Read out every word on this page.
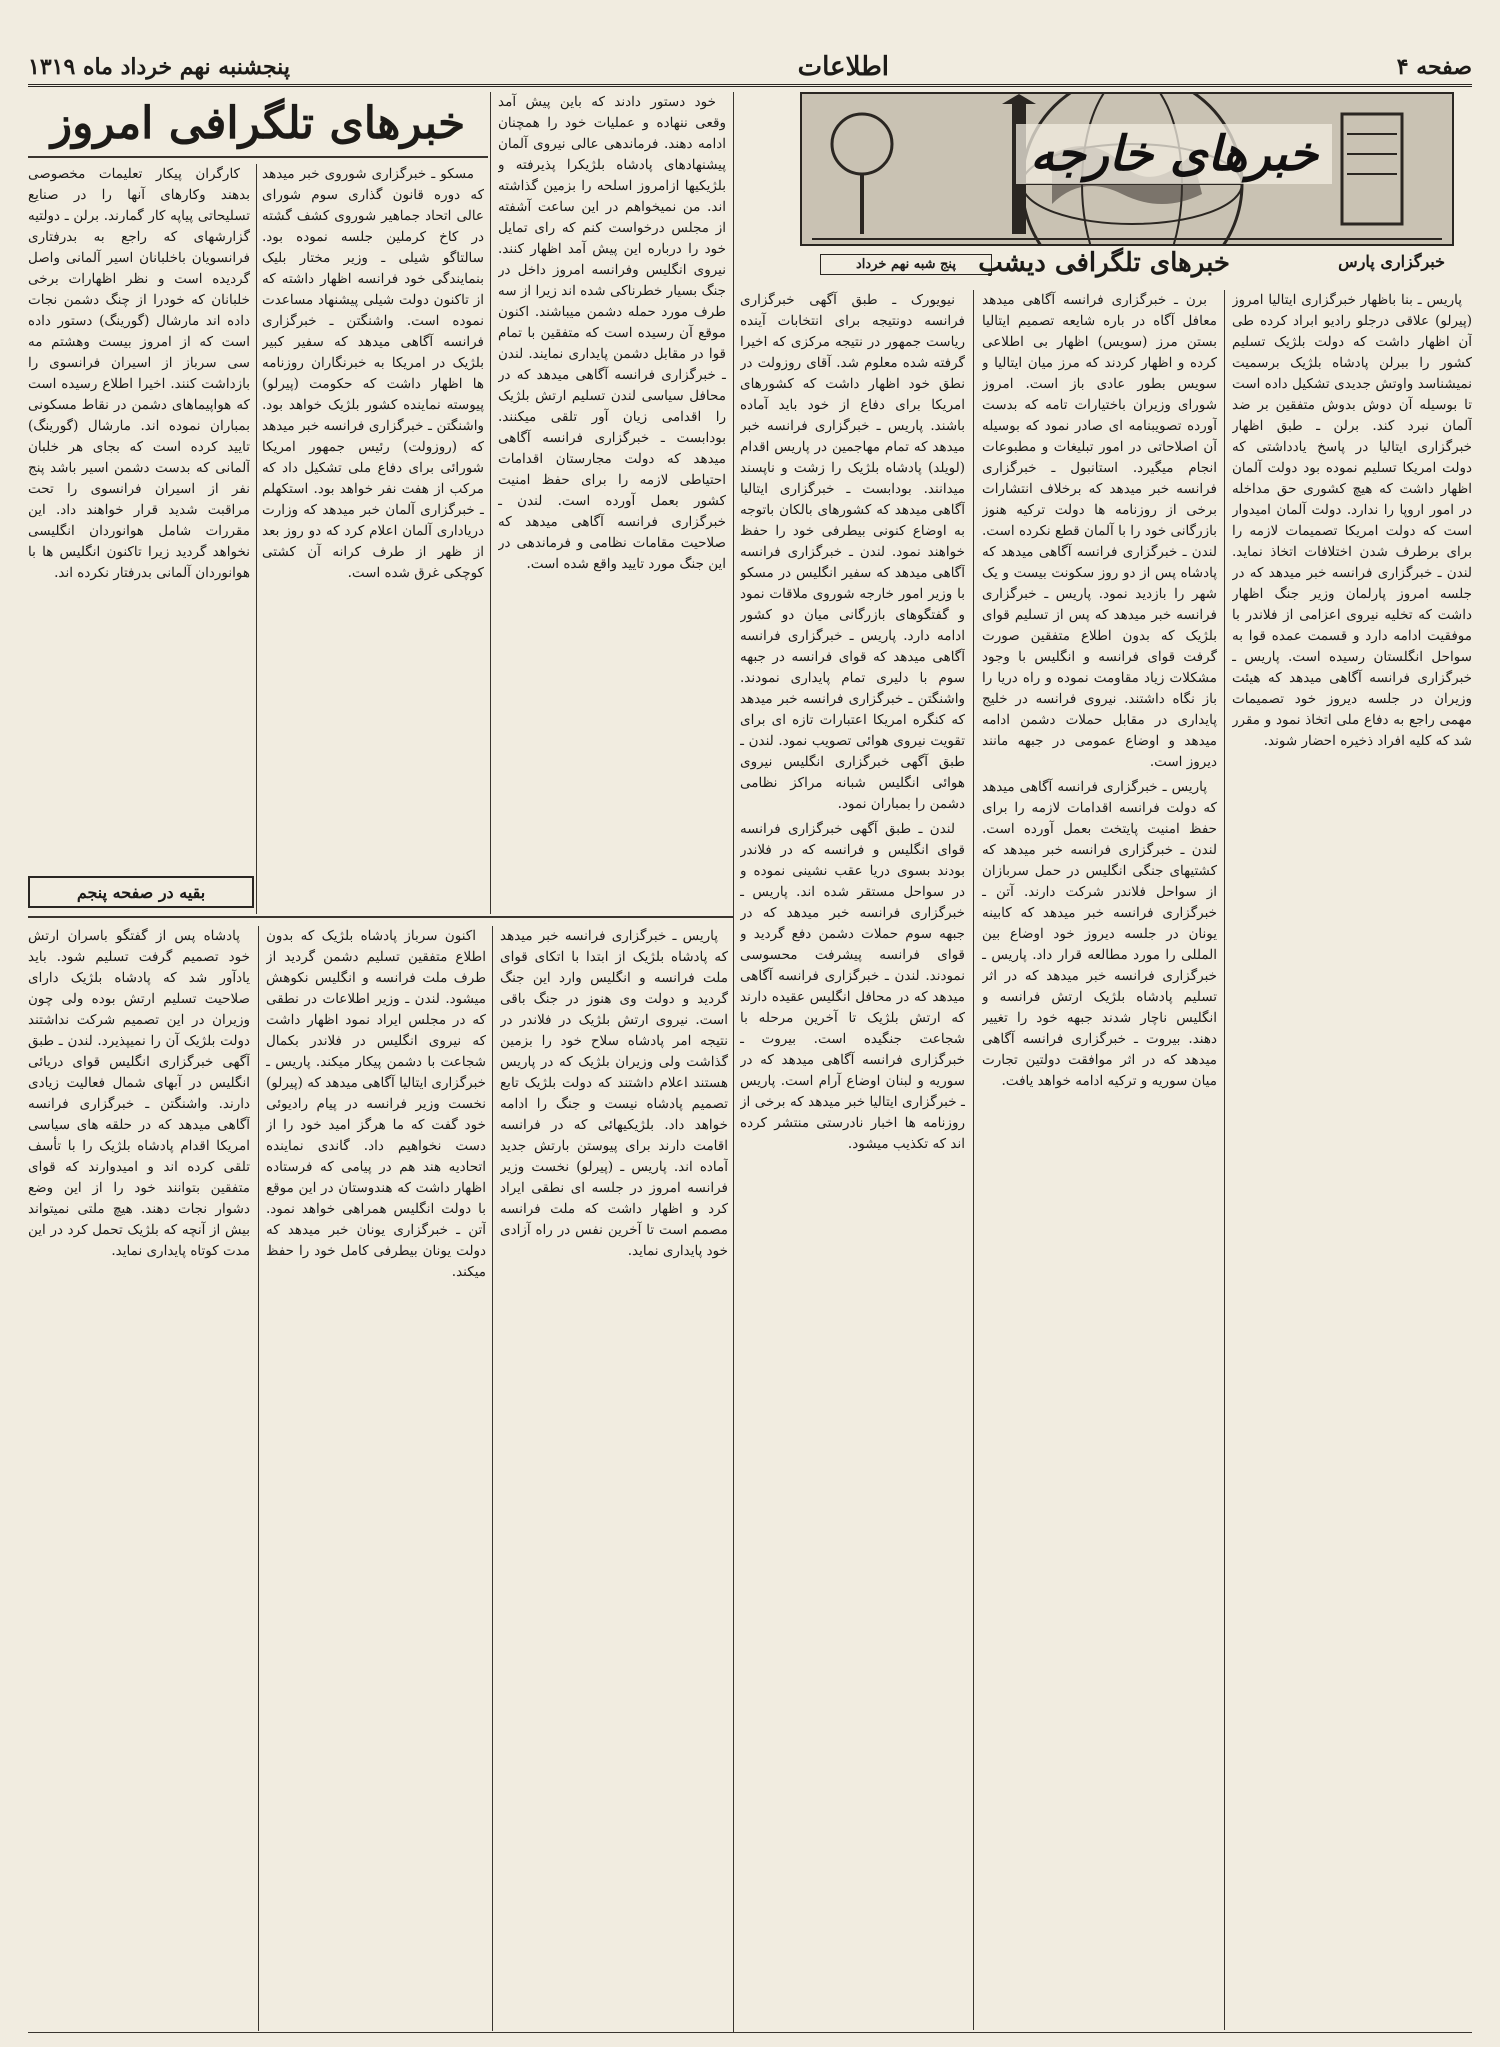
صفحه ۴
اطلاعات
پنجشنبه نهم خرداد ماه ۱۳۱۹
خبرهای خارجه
خبرگزاری پارس
خبرهای تلگرافی دیشب
پنج شبه نهم خرداد

پاریس ـ بنا باظهار خبرگزاری ایتالیا امروز (پیرلو) علاقی درجلو رادیو ابراد کرده طی آن اظهار داشت که دولت بلژیک تسلیم کشور را ببرلن پادشاه بلژیک برسمیت نمیشناسد واوتش جدیدی تشکیل داده است تا بوسیله آن دوش بدوش متفقین بر ضد آلمان نبرد کند. برلن ـ طبق اظهار خبرگزاری ایتالیا در پاسخ یادداشتی که دولت امریکا تسلیم نموده بود دولت آلمان اظهار داشت که هیچ کشوری حق مداخله در امور اروپا را ندارد. دولت آلمان امیدوار است که دولت امریکا تصمیمات لازمه را برای برطرف شدن اختلافات اتخاذ نماید. لندن ـ خبرگزاری فرانسه خبر میدهد که در جلسه امروز پارلمان وزیر جنگ اظهار داشت که تخلیه نیروی اعزامی از فلاندر با موفقیت ادامه دارد و قسمت عمده قوا به سواحل انگلستان رسیده است. پاریس ـ خبرگزاری فرانسه آگاهی میدهد که هیئت وزیران در جلسه دیروز خود تصمیمات مهمی راجع به دفاع ملی اتخاذ نمود و مقرر شد که کلیه افراد ذخیره احضار شوند.

برن ـ خبرگزاری فرانسه آگاهی میدهد معافل آگاه در باره شایعه تصمیم ایتالیا بستن مرز (سویس) اظهار بی اطلاعی کرده و اظهار کردند که مرز میان ایتالیا و سویس بطور عادی باز است. امروز شورای وزیران باختیارات تامه که بدست آورده تصویبنامه ای صادر نمود که بوسیله آن اصلاحاتی در امور تبلیغات و مطبوعات انجام میگیرد. استانبول ـ خبرگزاری فرانسه خبر میدهد که برخلاف انتشارات برخی از روزنامه ها دولت ترکیه هنوز بازرگانی خود را با آلمان قطع نکرده است. لندن ـ خبرگزاری فرانسه آگاهی میدهد که پادشاه پس از دو روز سکونت بیست و یک شهر را بازدید نمود. پاریس ـ خبرگزاری فرانسه خبر میدهد که پس از تسلیم قوای بلژیک که بدون اطلاع متفقین صورت گرفت قوای فرانسه و انگلیس با وجود مشکلات زیاد مقاومت نموده و راه دریا را باز نگاه داشتند. نیروی فرانسه در خلیج پایداری در مقابل حملات دشمن ادامه میدهد و اوضاع عمومی در جبهه مانند دیروز است.

پاریس ـ خبرگزاری فرانسه آگاهی میدهد که دولت فرانسه اقدامات لازمه را برای حفظ امنیت پایتخت بعمل آورده است. لندن ـ خبرگزاری فرانسه خبر میدهد که کشتیهای جنگی انگلیس در حمل سربازان از سواحل فلاندر شرکت دارند. آتن ـ خبرگزاری فرانسه خبر میدهد که کابینه یونان در جلسه دیروز خود اوضاع بین المللی را مورد مطالعه قرار داد. پاریس ـ خبرگزاری فرانسه خبر میدهد که در اثر تسلیم پادشاه بلژیک ارتش فرانسه و انگلیس ناچار شدند جبهه خود را تغییر دهند. بیروت ـ خبرگزاری فرانسه آگاهی میدهد که در اثر موافقت دولتین تجارت میان سوریه و ترکیه ادامه خواهد یافت.

نیویورک ـ طبق آگهی خبرگزاری فرانسه دونتیجه برای انتخابات آینده ریاست جمهور در نتیجه مرکزی که اخیرا گرفته شده معلوم شد. آقای روزولت در نطق خود اظهار داشت که کشورهای امریکا برای دفاع از خود باید آماده باشند. پاریس ـ خبرگزاری فرانسه خبر میدهد که تمام مهاجمین در پاریس اقدام (لویلد) پادشاه بلژیک را زشت و ناپسند میدانند. بودابست ـ خبرگزاری ایتالیا آگاهی میدهد که کشورهای بالکان باتوجه به اوضاع کنونی بیطرفی خود را حفظ خواهند نمود. لندن ـ خبرگزاری فرانسه آگاهی میدهد که سفیر انگلیس در مسکو با وزیر امور خارجه شوروی ملاقات نمود و گفتگوهای بازرگانی میان دو کشور ادامه دارد. پاریس ـ خبرگزاری فرانسه آگاهی میدهد که قوای فرانسه در جبهه سوم با دلیری تمام پایداری نمودند. واشنگتن ـ خبرگزاری فرانسه خبر میدهد که کنگره امریکا اعتبارات تازه ای برای تقویت نیروی هوائی تصویب نمود. لندن ـ طبق آگهی خبرگزاری انگلیس نیروی هوائی انگلیس شبانه مراکز نظامی دشمن را بمباران نمود.

لندن ـ طبق آگهی خبرگزاری فرانسه قوای انگلیس و فرانسه که در فلاندر بودند بسوی دریا عقب نشینی نموده و در سواحل مستقر شده اند. پاریس ـ خبرگزاری فرانسه خبر میدهد که در جبهه سوم حملات دشمن دفع گردید و قوای فرانسه پیشرفت محسوسی نمودند. لندن ـ خبرگزاری فرانسه آگاهی میدهد که در محافل انگلیس عقیده دارند که ارتش بلژیک تا آخرین مرحله با شجاعت جنگیده است. بیروت ـ خبرگزاری فرانسه آگاهی میدهد که در سوریه و لبنان اوضاع آرام است. پاریس ـ خبرگزاری ایتالیا خبر میدهد که برخی از روزنامه ها اخبار نادرستی منتشر کرده اند که تکذیب میشود.

خود دستور دادند که باین پیش آمد وقعی ننهاده و عملیات خود را همچنان ادامه دهند. فرماندهی عالی نیروی آلمان پیشنهادهای پادشاه بلژیکرا پذیرفته و بلژیکیها ازامروز اسلحه را بزمین گذاشته اند. من نمیخواهم در این ساعت آشفته از مجلس درخواست کنم که رای تمایل خود را درباره این پیش آمد اظهار کنند. نیروی انگلیس وفرانسه امروز داخل در جنگ بسیار خطرناکی شده اند زیرا از سه طرف مورد حمله دشمن میباشند. اکنون موقع آن رسیده است که متفقین با تمام قوا در مقابل دشمن پایداری نمایند. لندن ـ خبرگزاری فرانسه آگاهی میدهد که در محافل سیاسی لندن تسلیم ارتش بلژیک را اقدامی زیان آور تلقی میکنند. بودابست ـ خبرگزاری فرانسه آگاهی میدهد که دولت مجارستان اقدامات احتیاطی لازمه را برای حفظ امنیت کشور بعمل آورده است. لندن ـ خبرگزاری فرانسه آگاهی میدهد که صلاحیت مقامات نظامی و فرماندهی در این جنگ مورد تایید واقع شده است.

خبرهای تلگرافی امروز

مسکو ـ خبرگزاری شوروی خبر میدهد که دوره قانون گذاری سوم شورای عالی اتحاد جماهیر شوروی کشف گشته در کاخ کرملین جلسه نموده بود. سالتاگو شیلی ـ وزیر مختار بلیک بنمایندگی خود فرانسه اظهار داشته که از تاکنون دولت شیلی پیشنهاد مساعدت نموده است. واشنگتن ـ خبرگزاری فرانسه آگاهی میدهد که سفیر کبیر بلژیک در امریکا به خبرنگاران روزنامه ها اظهار داشت که حکومت (پیرلو) پیوسته نماینده کشور بلژیک خواهد بود. واشنگتن ـ خبرگزاری فرانسه خبر میدهد که (روزولت) رئیس جمهور امریکا شورائی برای دفاع ملی تشکیل داد که مرکب از هفت نفر خواهد بود. استکهلم ـ خبرگزاری آلمان خبر میدهد که وزارت دریاداری آلمان اعلام کرد که دو روز بعد از ظهر از طرف کرانه آن کشتی کوچکی غرق شده است.

کارگران پیکار تعلیمات مخصوصی بدهند وکارهای آنها را در صنایع تسلیحاتی پیاپه کار گمارند. برلن ـ دولتیه گزارشهای که راجع به بدرفتاری فرانسویان باخلبانان اسیر آلمانی واصل گردیده است و نظر اظهارات برخی خلبانان که خودرا از چنگ دشمن نجات داده اند مارشال (گورینگ) دستور داده است که از امروز بیست وهشتم مه سی سرباز از اسیران فرانسوی را بازداشت کنند. اخیرا اطلاع رسیده است که هواپیماهای دشمن در نقاط مسکونی بمباران نموده اند. مارشال (گورینگ) تایید کرده است که بجای هر خلبان آلمانی که بدست دشمن اسیر باشد پنج نفر از اسیران فرانسوی را تحت مراقبت شدید قرار خواهند داد. این مقررات شامل هوانوردان انگلیسی نخواهد گردید زیرا تاکنون انگلیس ها با هوانوردان آلمانی بدرفتار نکرده اند.

بقیه در صفحه پنجم

پاریس ـ خبرگزاری فرانسه خبر میدهد که پادشاه بلژیک از ابتدا با اتکای قوای ملت فرانسه و انگلیس وارد این جنگ گردید و دولت وی هنوز در جنگ باقی است. نیروی ارتش بلژیک در فلاندر در نتیجه امر پادشاه سلاح خود را بزمین گذاشت ولی وزیران بلژیک که در پاریس هستند اعلام داشتند که دولت بلژیک تابع تصمیم پادشاه نیست و جنگ را ادامه خواهد داد. بلژیکیهائی که در فرانسه اقامت دارند برای پیوستن بارتش جدید آماده اند. پاریس ـ (پیرلو) نخست وزیر فرانسه امروز در جلسه ای نطقی ایراد کرد و اظهار داشت که ملت فرانسه مصمم است تا آخرین نفس در راه آزادی خود پایداری نماید.

اکنون سرباز پادشاه بلژیک که بدون اطلاع متفقین تسلیم دشمن گردید از طرف ملت فرانسه و انگلیس نکوهش میشود. لندن ـ وزیر اطلاعات در نطقی که در مجلس ایراد نمود اظهار داشت که نیروی انگلیس در فلاندر بکمال شجاعت با دشمن پیکار میکند. پاریس ـ خبرگزاری ایتالیا آگاهی میدهد که (پیرلو) نخست وزیر فرانسه در پیام رادیوئی خود گفت که ما هرگز امید خود را از دست نخواهیم داد. گاندی نماینده اتحادیه هند هم در پیامی که فرستاده اظهار داشت که هندوستان در این موقع با دولت انگلیس همراهی خواهد نمود. آتن ـ خبرگزاری یونان خبر میدهد که دولت یونان بیطرفی کامل خود را حفظ میکند.

پادشاه پس از گفتگو باسران ارتش خود تصمیم گرفت تسلیم شود. باید یادآور شد که پادشاه بلژیک دارای صلاحیت تسلیم ارتش بوده ولی چون وزیران در این تصمیم شرکت نداشتند دولت بلژیک آن را نمیپذیرد. لندن ـ طبق آگهی خبرگزاری انگلیس قوای دریائی انگلیس در آبهای شمال فعالیت زیادی دارند. واشنگتن ـ خبرگزاری فرانسه آگاهی میدهد که در حلقه های سیاسی امریکا اقدام پادشاه بلژیک را با تأسف تلقی کرده اند و امیدوارند که قوای متفقین بتوانند خود را از این وضع دشوار نجات دهند. هیچ ملتی نمیتواند بیش از آنچه که بلژیک تحمل کرد در این مدت کوتاه پایداری نماید.
